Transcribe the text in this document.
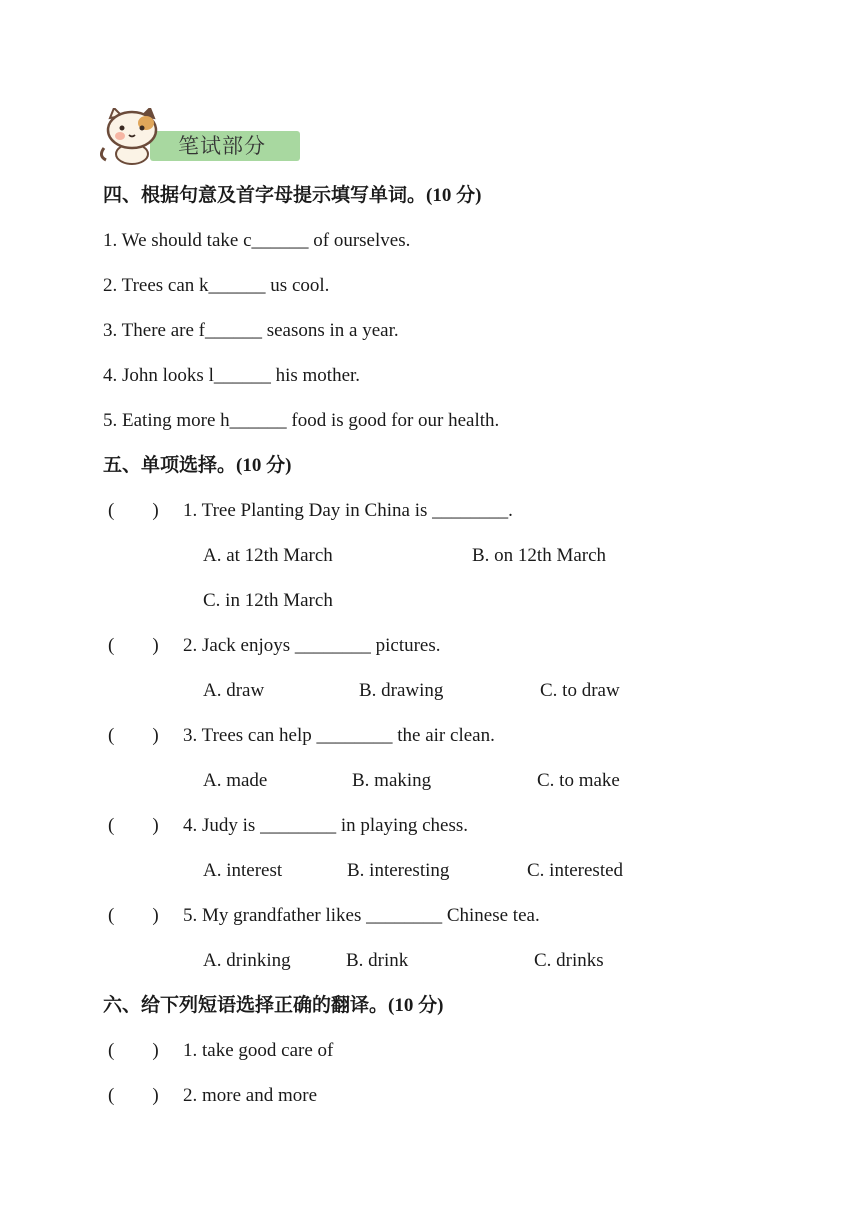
笔试部分
四、根据句意及首字母提示填写单词。(10 分)
1. We should take c______ of ourselves.
2. Trees can k______ us cool.
3. There are f______ seasons in a year.
4. John looks l______ his mother.
5. Eating more h______ food is good for our health.
五、单项选择。(10 分)
(　　) 1. Tree Planting Day in China is ________.
A. at 12th March	B. on 12th March
C. in 12th March
(　　) 2. Jack enjoys ________ pictures.
A. draw	B. drawing	C. to draw
(　　) 3. Trees can help ________ the air clean.
A. made	B. making	C. to make
(　　) 4. Judy is ________ in playing chess.
A. interest	B. interesting	C. interested
(　　) 5. My grandfather likes ________ Chinese tea.
A. drinking	B. drink	C. drinks
六、给下列短语选择正确的翻译。(10 分)
(　　) 1. take good care of
(　　) 2. more and more
